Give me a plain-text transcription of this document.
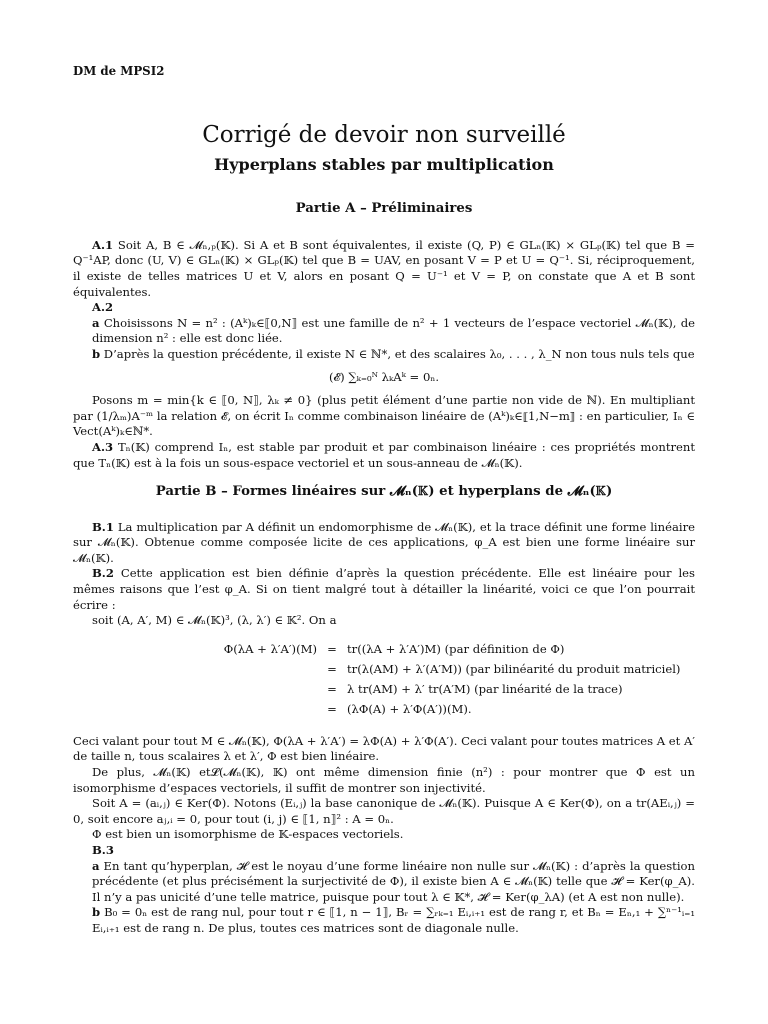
DM de MPSI2
Corrigé de devoir non surveillé
Hyperplans stables par multiplication
Partie A – Préliminaires

A.1 Soit A, B ∈ 𝓜ₙ,ₚ(𝕂). Si A et B sont équivalentes, il existe (Q, P) ∈ GLₙ(𝕂) × GLₚ(𝕂) tel que B = Q⁻¹AP, donc (U, V) ∈ GLₙ(𝕂) × GLₚ(𝕂) tel que B = UAV, en posant V = P et U = Q⁻¹. Si, réciproquement, il existe de telles matrices U et V, alors en posant Q = U⁻¹ et V = P, on constate que A et B sont équivalentes.

A.2

a Choisissons N = n² : (Aᵏ)ₖ∈⟦0,N⟧ est une famille de n² + 1 vecteurs de l’espace vectoriel 𝓜ₙ(𝕂), de dimension n² : elle est donc liée.

b D’après la question précédente, il existe N ∈ ℕ*, et des scalaires λ₀, . . . , λ_N non tous nuls tels que

(𝓔) ∑ₖ₌₀ᴺ λₖAᵏ = 0ₙ.

Posons m = min{k ∈ ⟦0, N⟧, λₖ ≠ 0} (plus petit élément d’une partie non vide de ℕ). En multipliant par (1/λₘ)A⁻ᵐ la relation 𝓔, on écrit Iₙ comme combinaison linéaire de (Aᵏ)ₖ∈⟦1,N−m⟧ : en particulier, Iₙ ∈ Vect(Aᵏ)ₖ∈ℕ*.

A.3 Tₙ(𝕂) comprend Iₙ, est stable par produit et par combinaison linéaire : ces propriétés montrent que Tₙ(𝕂) est à la fois un sous-espace vectoriel et un sous-anneau de 𝓜ₙ(𝕂).

Partie B – Formes linéaires sur 𝓜ₙ(𝕂) et hyperplans de 𝓜ₙ(𝕂)

B.1 La multiplication par A définit un endomorphisme de 𝓜ₙ(𝕂), et la trace définit une forme linéaire sur 𝓜ₙ(𝕂). Obtenue comme composée licite de ces applications, φ_A est bien une forme linéaire sur 𝓜ₙ(𝕂).

B.2 Cette application est bien définie d’après la question précédente. Elle est linéaire pour les mêmes raisons que l’est φ_A. Si on tient malgré tout à détailler la linéarité, voici ce que l’on pourrait écrire :

soit (A, A′, M) ∈ 𝓜ₙ(𝕂)³, (λ, λ′) ∈ 𝕂². On a

Φ(λA + λ′A′)(M) = tr((λA + λ′A′)M) (par définition de Φ)
= tr(λ(AM) + λ′(A′M)) (par bilinéarité du produit matriciel)
= λ tr(AM) + λ′ tr(A′M) (par linéarité de la trace)
= (λΦ(A) + λ′Φ(A′))(M).

Ceci valant pour tout M ∈ 𝓜ₙ(𝕂), Φ(λA + λ′A′) = λΦ(A) + λ′Φ(A′). Ceci valant pour toutes matrices A et A′ de taille n, tous scalaires λ et λ′, Φ est bien linéaire.

De plus, 𝓜ₙ(𝕂) et𝓛(𝓜ₙ(𝕂), 𝕂) ont même dimension finie (n²) : pour montrer que Φ est un isomorphisme d’espaces vectoriels, il suffit de montrer son injectivité.

Soit A = (aᵢ,ⱼ) ∈ Ker(Φ). Notons (Eᵢ,ⱼ) la base canonique de 𝓜ₙ(𝕂). Puisque A ∈ Ker(Φ), on a tr(AEᵢ,ⱼ) = 0, soit encore aⱼ,ᵢ = 0, pour tout (i, j) ∈ ⟦1, n⟧² : A = 0ₙ.

Φ est bien un isomorphisme de 𝕂-espaces vectoriels.

B.3

a En tant qu’hyperplan, 𝓗 est le noyau d’une forme linéaire non nulle sur 𝓜ₙ(𝕂) : d’après la question précédente (et plus précisément la surjectivité de Φ), il existe bien A ∈ 𝓜ₙ(𝕂) telle que 𝓗 = Ker(φ_A). Il n’y a pas unicité d’une telle matrice, puisque pour tout λ ∈ 𝕂*, 𝓗 = Ker(φ_λA) (et A est non nulle).

b B₀ = 0ₙ est de rang nul, pour tout r ∈ ⟦1, n − 1⟧, Bᵣ = ∑ᵣₖ₌₁ Eᵢ,ᵢ₊₁ est de rang r, et Bₙ = Eₙ,₁ + ∑ⁿ⁻¹ᵢ₌₁ Eᵢ,ᵢ₊₁ est de rang n. De plus, toutes ces matrices sont de diagonale nulle.
